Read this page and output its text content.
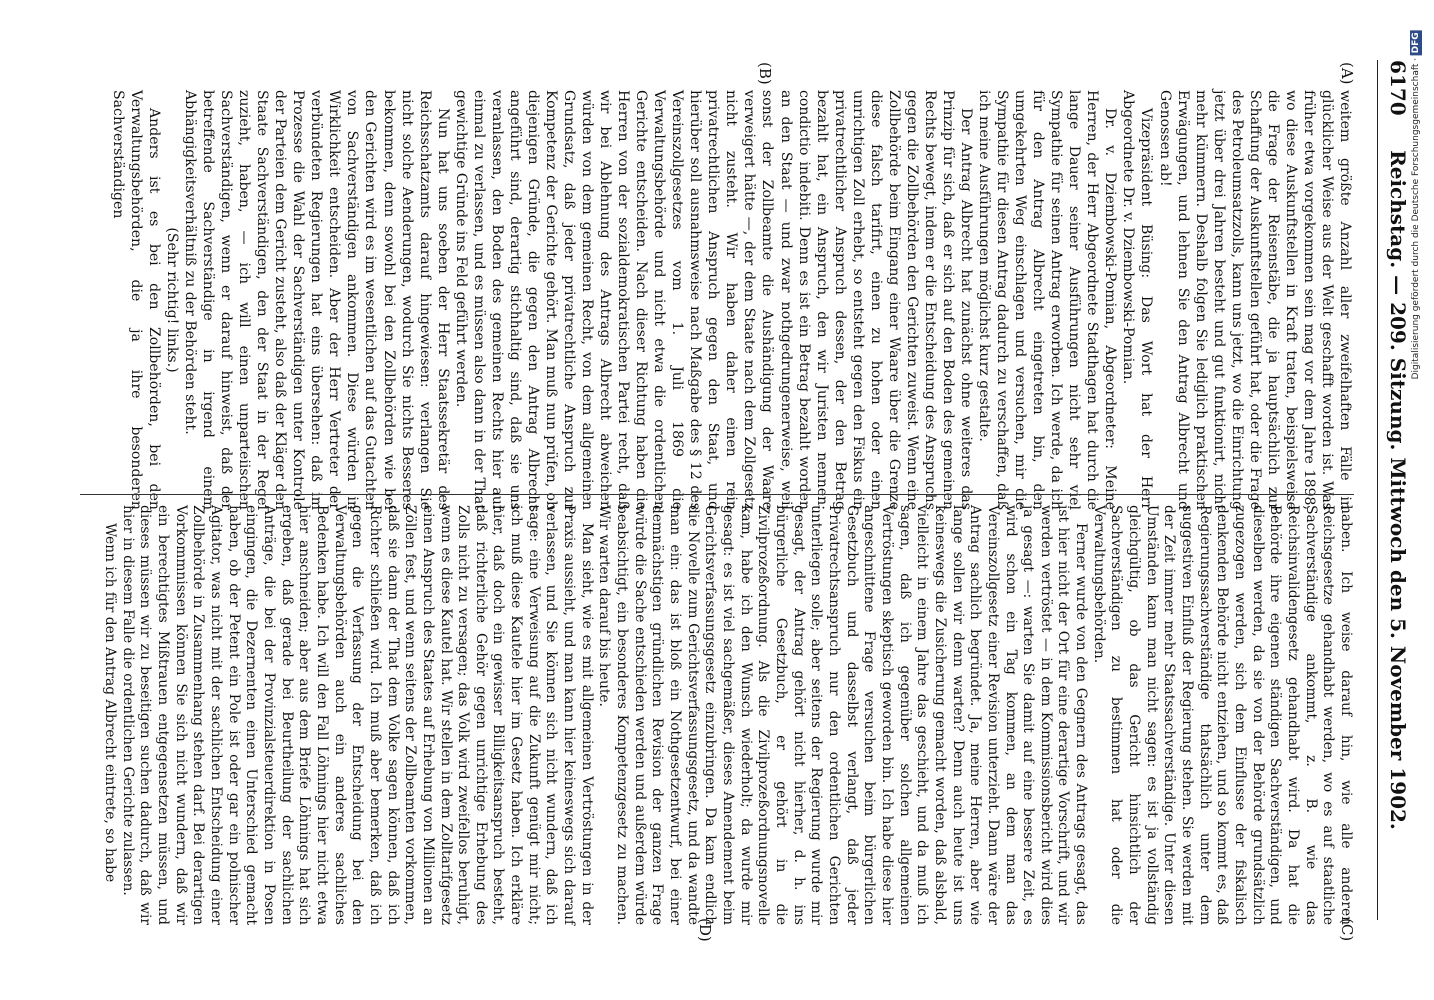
6170
Reichstag. — 209. Sitzung. Mittwoch den 5. November 1902.
(A)
(B)
(C)
(D)

weitem größte Anzahl aller zweifelhaften Fälle in glücklicher Weise aus der Welt geschafft worden ist. Was früher etwa vorgekommen sein mag vor dem Jahre 1898, wo diese Auskunftstellen in Kraft traten, beispielsweise die Frage der Reisenstäbe, die ja hauptsächlich zur Schaffung der Auskunftstellen geführt hat, oder die Frage des Petroleumsatzzolls, kann uns jetzt, wo die Einrichtung jetzt über drei Jahren besteht und gut funktionirt, nicht mehr kümmern. Deshalb folgen Sie lediglich praktischen Erwägungen, und lehnen Sie den Antrag Albrecht und Genossen ab!

Vizepräsident Büsing: Das Wort hat der Herr Abgeordnete Dr. v. Dziembowski-Pomian.

Dr. v. Dziembowski-Pomian, Abgeordneter: Meine Herren, der Herr Abgeordnete Stadthagen hat durch die lange Dauer seiner Ausführungen nicht sehr viel Sympathie für seinen Antrag erworben. Ich werde, da ich für den Antrag Albrecht eingetreten bin, den umgekehrten Weg einschlagen und versuchen, mir die Sympathie für diesen Antrag dadurch zu verschaffen, daß ich meine Ausführungen möglichst kurz gestalte.

Der Antrag Albrecht hat zunächst ohne weiteres das Prinzip für sich, daß er sich auf den Boden des gemeinen Rechts bewegt, indem er die Entscheidung des Anspruchs gegen die Zollbehörden den Gerichten zuweist. Wenn eine Zollbehörde beim Eingang einer Waare über die Grenze diese falsch tarifirt, einen zu hohen oder einen unrichtigen Zoll erhebt, so entsteht gegen den Fiskus ein privatrechtlicher Anspruch dessen, der den Betrag bezahlt hat, ein Anspruch, den wir Juristen nennen: condictio indebiti. Denn es ist ein Betrag bezahlt worden an den Staat — und zwar nothgedrungenerweise, weil sonst der Zollbeamte die Aushändigung der Waare verweigert hätte —, der dem Staate nach dem Zollgesetz nicht zusteht. Wir haben daher einen rein privatrechtlichen Anspruch gegen den Staat, und hierüber soll ausnahmsweise nach Maßgabe des § 12 des Vereinszollgesetzes vom 1. Juli 1869 die Verwaltungsbehörde und nicht etwa die ordentlichen Gerichte entscheiden. Nach dieser Richtung haben die Herren von der sozialdemokratischen Partei recht, daß wir bei Ablehnung des Antrags Albrecht abweichen würden von dem gemeinen Recht, von dem allgemeinen Grundsatz, daß jeder privatrechtliche Anspruch zur Kompetenz der Gerichte gehört. Man muß nun prüfen, ob diejenigen Gründe, die gegen den Antrag Albrecht angeführt sind, derartig stichhaltig sind, daß sie uns veranlassen, den Boden des gemeinen Rechts hier auf einmal zu verlassen, und es müssen also dann in der That gewichtige Gründe ins Feld geführt werden.

Nun hat uns soeben der Herr Staatssekretär des Reichsschatzamts darauf hingewiesen: verlangen Sie nicht solche Aenderungen, wodurch Sie nichts Besseres bekommen, denn sowohl bei den Zollbehörden wie bei den Gerichten wird es im wesentlichen auf das Gutachten von Sachverständigen ankommen. Diese würden in Wirklichkeit entscheiden. Aber der Herr Vertreter der verbündeten Regierungen hat eins übersehen: daß im Prozesse die Wahl der Sachverständigen unter Kontrole der Parteien dem Gericht zusteht, also daß der Kläger den Staate Sachverständigen, den der Staat in der Regel zuzieht, haben, — ich will einen unparteiischen Sachverständigen, wenn er darauf hinweist, daß der betreffende Sachverständige in irgend einem Abhängigkeitsverhältniß zu der Behörden steht.

(Sehr richtig! links.)

Anders ist es bei den Zollbehörden, bei den Verwaltungsbehörden, die ja ihre besonderen Sachverständigen

haben. Ich weise darauf hin, wie alle anderen Reichsgesetze gehandhabt werden, wo es auf staatliche Sachverständige ankommt, z. B. wie das Reichsinvalidengesetz gehandhabt wird. Da hat die Behörde ihre eigenen ständigen Sachverständigen, und dieselben werden, da sie von der Behörde grundsätzlich zugezogen werden, sich dem Einflusse der fiskalisch denkenden Behörde nicht entziehen, und so kommt es, daß Regierungssachverständige thatsächlich unter dem suggestiven Einfluß der Regierung stehen. Sie werden mit der Zeit immer mehr Staatssachverständige. Unter diesen Umständen kann man nicht sagen: es ist ja vollständig gleichgültig, ob das Gericht hinsichtlich der Sachverständigen zu bestimmen hat oder die Verwaltungsbehörden.

Ferner wurde von den Gegnern des Antrags gesagt, das ist hier nicht der Ort für eine derartige Vorschrift, und wir werden vertröstet — in dem Kommissionsbericht wird dies ja gesagt —: warten Sie damit auf eine bessere Zeit, es wird schon ein Tag kommen, an dem man das Vereinszollgesetz einer Revision unterzieht. Dann wäre der Antrag sachlich begründet. Ja, meine Herren, aber wie lange sollen wir denn warten? Denn auch heute ist uns keineswegs die Zusicherung gemacht worden, daß alsbald, vielleicht in einem Jahre das geschieht, und da muß ich sagen, daß ich gegenüber solchen allgemeinen Vertröstungen skeptisch geworden bin. Ich habe diese hier angeschnittene Frage versuchen beim bürgerlichen Gesetzbuch und dasselbst verlangt, daß jeder Privatrechtsanspruch nur den ordentlichen Gerichten unterliegen solle; aber seitens der Regierung wurde mir gesagt, der Antrag gehört nicht hierher, d. h. ins bürgerliche Gesetzbuch, er gehört in die Zivilprozeßordnung. Als die Zivilprozeßordnungsnovelle kam, habe ich den Wunsch wiederholt; da wurde mir gesagt: es ist viel sachgemäßer, dieses Amendement beim Gerichtsverfassungsgesetz einzubringen. Da kam endlich die Novelle zum Gerichtsverfassungsgesetz, und da wandte man ein: das ist bloß ein Nothgesetzentwurf, bei einer demnächstigen gründlichen Revision der ganzen Frage würde die Sache entschieden werden und außerdem würde beabsichtigt, ein besonderes Kompetenzgesetz zu machen. Wir warten darauf bis heute.

Man sieht, wie es mit allgemeinen Vertröstungen in der Praxis aussieht, und man kann hier keineswegs sich darauf verlassen, und Sie können sich nicht wundern, daß ich sage: eine Verweisung auf die Zukunft genügt mir nicht; ich muß diese Kautele hier im Gesetz haben. Ich erkläre hier, daß doch ein gewisser Billigkeitsanspruch besteht, daß richterliche Gehör gegen unrichtige Erhebung des Zolls nicht zu versagen; das Volk wird zweifellos beruhigt, wenn es diese Kautel hat. Wir stellen in dem Zolltarifgesetz einen Anspruch des Staates auf Erhebung von Millionen an Zöllen fest, und wenn seitens der Zollbeamten vorkommen, daß sie dann der That dem Volke sagen können, daß ich Richter schließen wird. Ich muß aber bemerken, daß ich gegen die Verfassung der Entscheidung bei den Verwaltungsbehörden auch ein anderes sachliches Bedenken habe. Ich will den Fall Löhnings hier nicht etwa hier anschneiden; aber aus dem Briefe Löhnings hat sich ergeben, daß gerade bei Beurtheilung der sachlichen Anträge, die bei der Provinzialsteuerdirektion in Posen eingingen, die Dezernenten einen Unterschied gemacht haben, ob der Petent ein Pole ist oder gar ein polnischer Agitator, was nicht mit der sachlichen Entscheidung einer Zollbehörde in Zusammenhang stehen darf. Bei derartigen Vorkommnissen können Sie sich nicht wundern, daß wir ein berechtigtes Mißtrauen entgegensetzen müssen, und dieses müssen wir zu beseitigen suchen dadurch, daß wir hier in diesem Falle die ordentlichen Gerichte zulassen.

Wenn ich für den Antrag Albrecht eintrete, so habe

Digitalisierung gefördert durch die Deutsche Forschungsgemeinschaft · DFG
